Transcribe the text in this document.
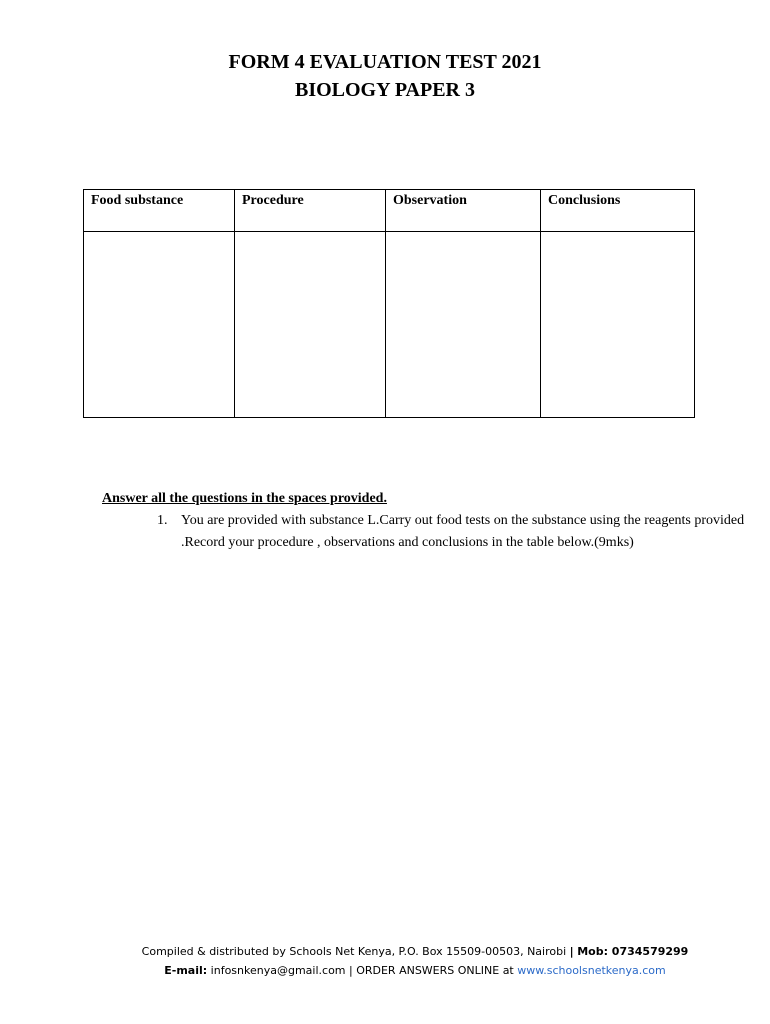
FORM 4 EVALUATION TEST 2021
BIOLOGY PAPER 3
Food substance	Procedure	Observation	Conclusions

Answer all the questions in the spaces provided.
1. You are provided with substance L.Carry out food tests on the substance using the reagents provided .Record your procedure , observations and conclusions in the table below.(9mks)
Compiled & distributed by Schools Net Kenya, P.O. Box 15509-00503, Nairobi | Mob: 0734579299
E-mail: infosnkenya@gmail.com | ORDER ANSWERS ONLINE at www.schoolsnetkenya.com
